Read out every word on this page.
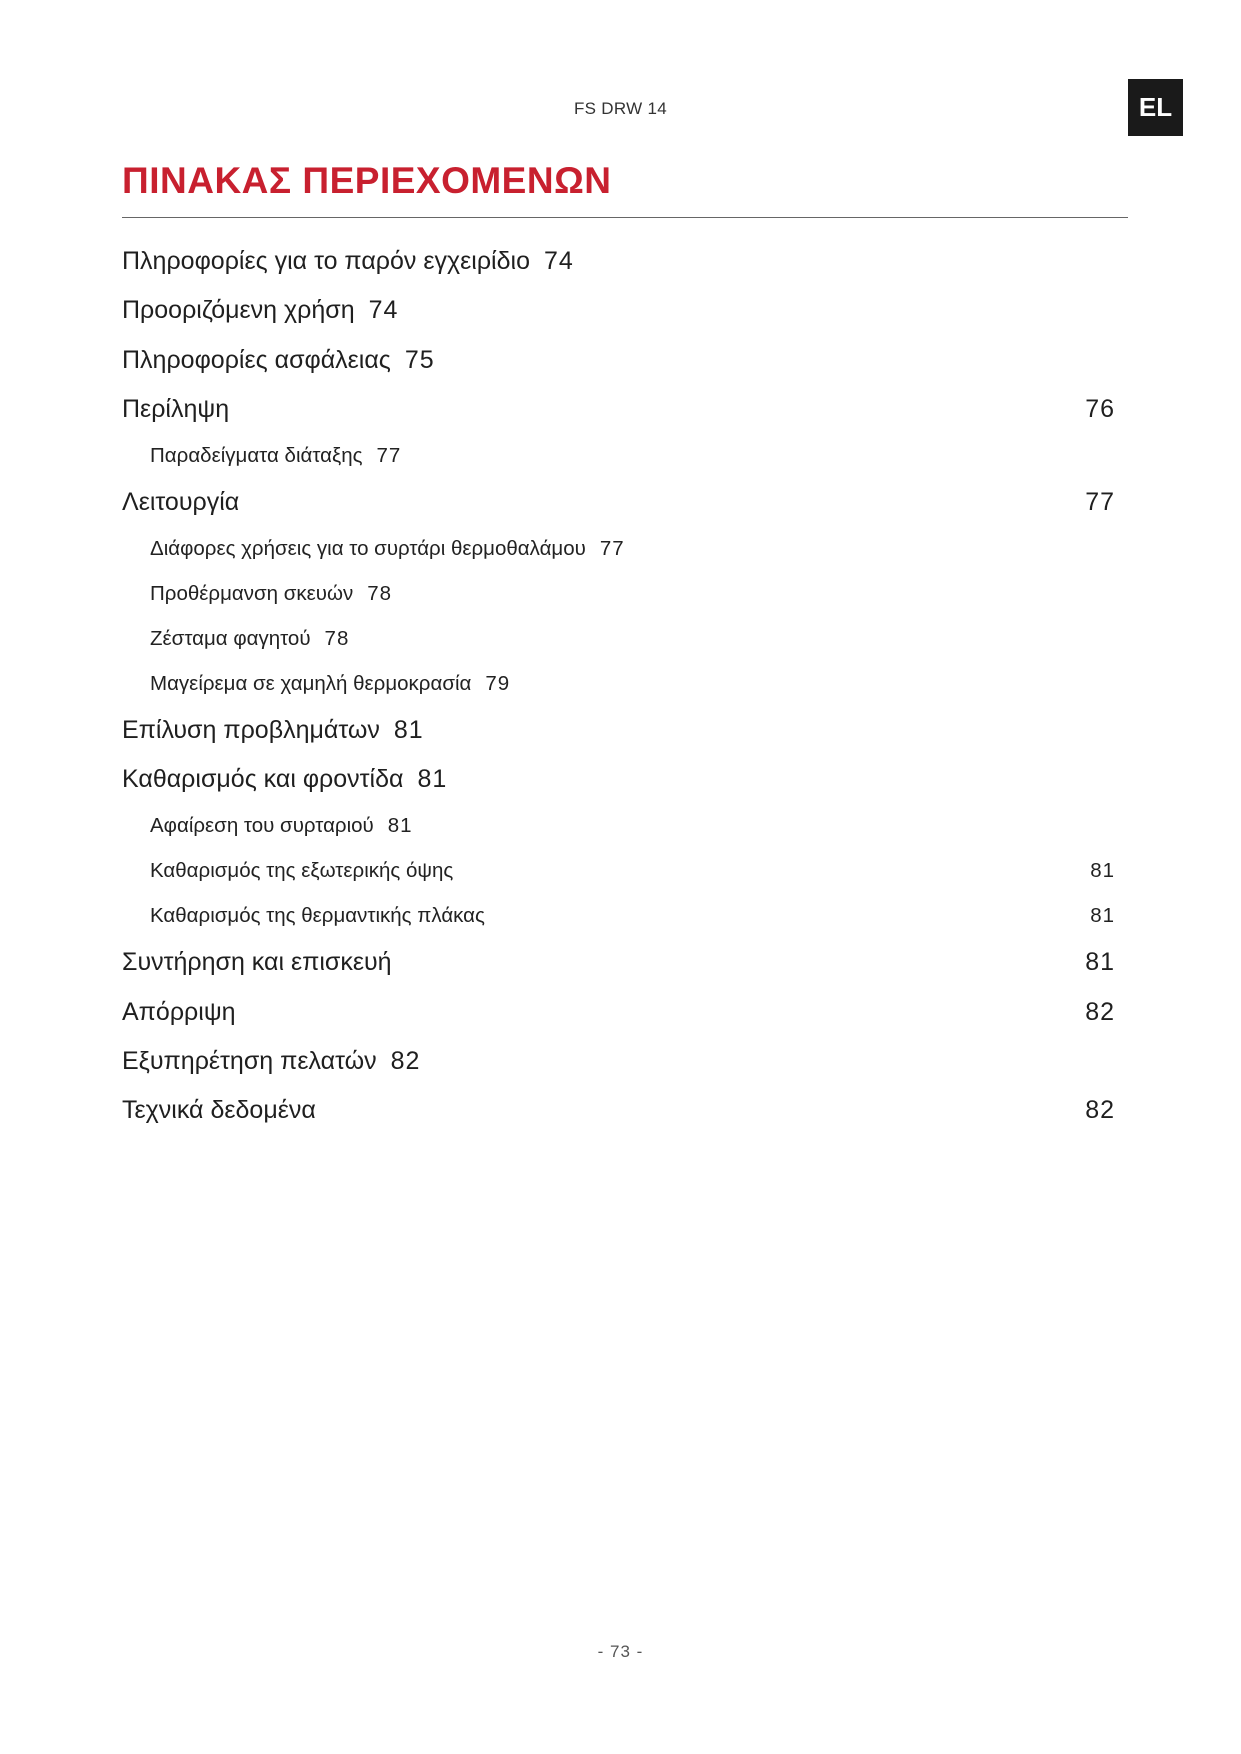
FS DRW 14	EL
ΠΙΝΑΚΑΣ ΠΕΡΙΕΧΟΜΕΝΩΝ
Πληροφορίες για το παρόν εγχειρίδιο 74
Προοριζόμενη χρήση 74
Πληροφορίες ασφάλειας 75
Περίληψη	76
Παραδείγματα διάταξης 77
Λειτουργία	77
Διάφορες χρήσεις για το συρτάρι θερμοθαλάμου 77
Προθέρμανση σκευών 78
Ζέσταμα φαγητού 78
Μαγείρεμα σε χαμηλή θερμοκρασία 79
Επίλυση προβλημάτων 81
Καθαρισμός και φροντίδα 81
Αφαίρεση του συρταριού 81
Καθαρισμός της εξωτερικής όψης	81
Καθαρισμός της θερμαντικής πλάκας	81
Συντήρηση και επισκευή	81
Απόρριψη	82
Εξυπηρέτηση πελατών 82
Τεχνικά δεδομένα	82
- 73 -
